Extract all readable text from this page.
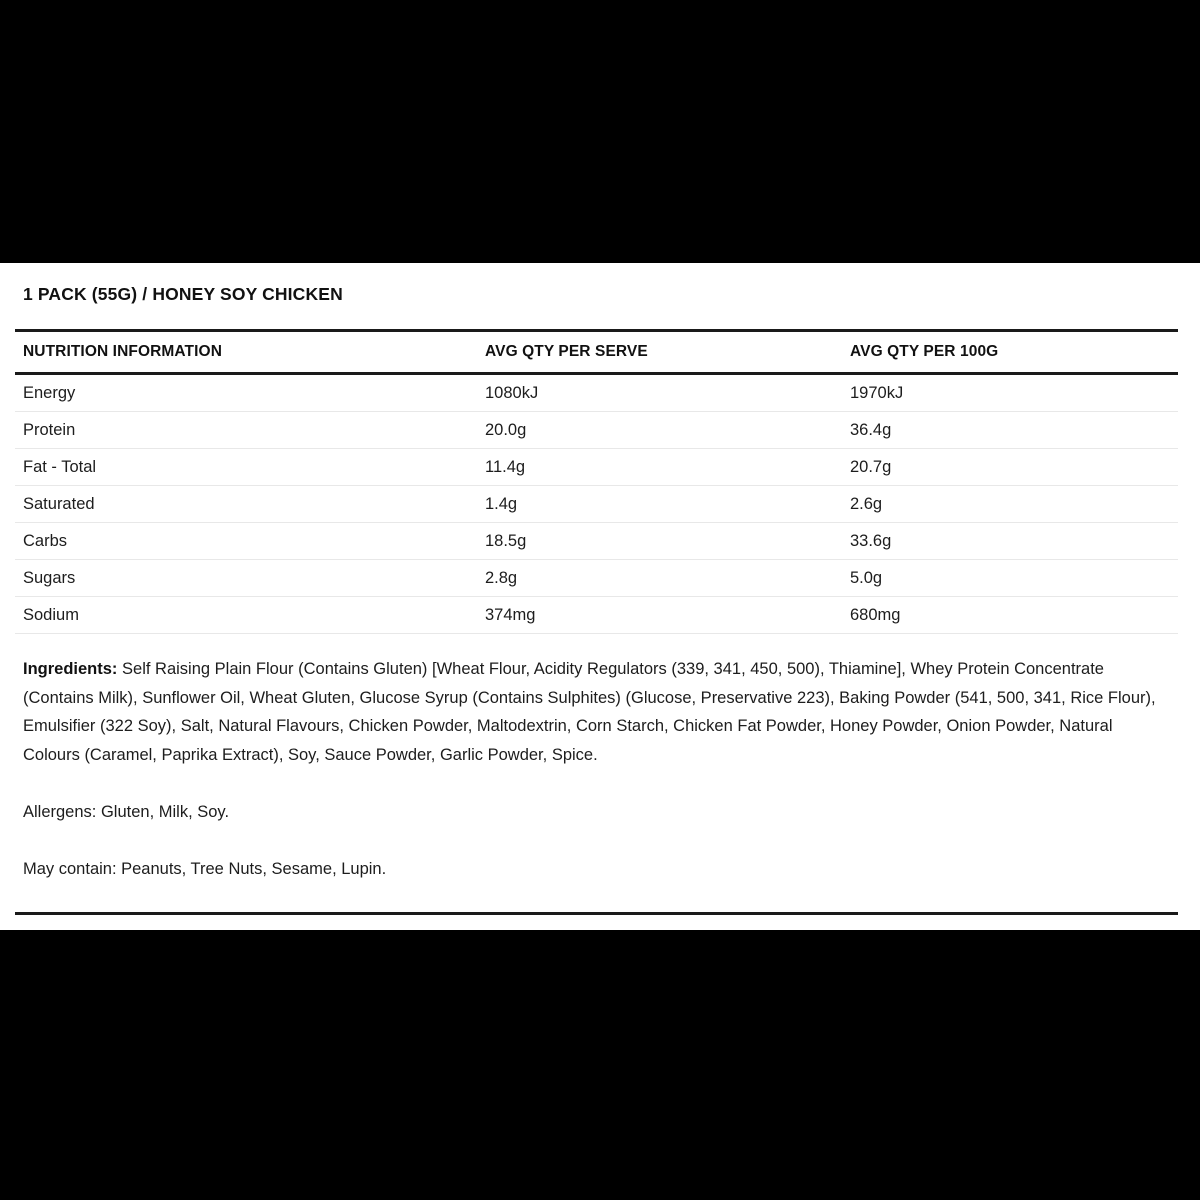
1 PACK (55G) / HONEY SOY CHICKEN
NUTRITION INFORMATION	AVG QTY PER SERVE	AVG QTY PER 100G
Energy	1080kJ	1970kJ
Protein	20.0g	36.4g
Fat - Total	11.4g	20.7g
Saturated	1.4g	2.6g
Carbs	18.5g	33.6g
Sugars	2.8g	5.0g
Sodium	374mg	680mg

Ingredients: Self Raising Plain Flour (Contains Gluten) [Wheat Flour, Acidity Regulators (339, 341, 450, 500), Thiamine], Whey Protein Concentrate (Contains Milk), Sunflower Oil, Wheat Gluten, Glucose Syrup (Contains Sulphites) (Glucose, Preservative 223), Baking Powder (541, 500, 341, Rice Flour), Emulsifier (322 Soy), Salt, Natural Flavours, Chicken Powder, Maltodextrin, Corn Starch, Chicken Fat Powder, Honey Powder, Onion Powder, Natural Colours (Caramel, Paprika Extract), Soy, Sauce Powder, Garlic Powder, Spice.

Allergens: Gluten, Milk, Soy.

May contain: Peanuts, Tree Nuts, Sesame, Lupin.
